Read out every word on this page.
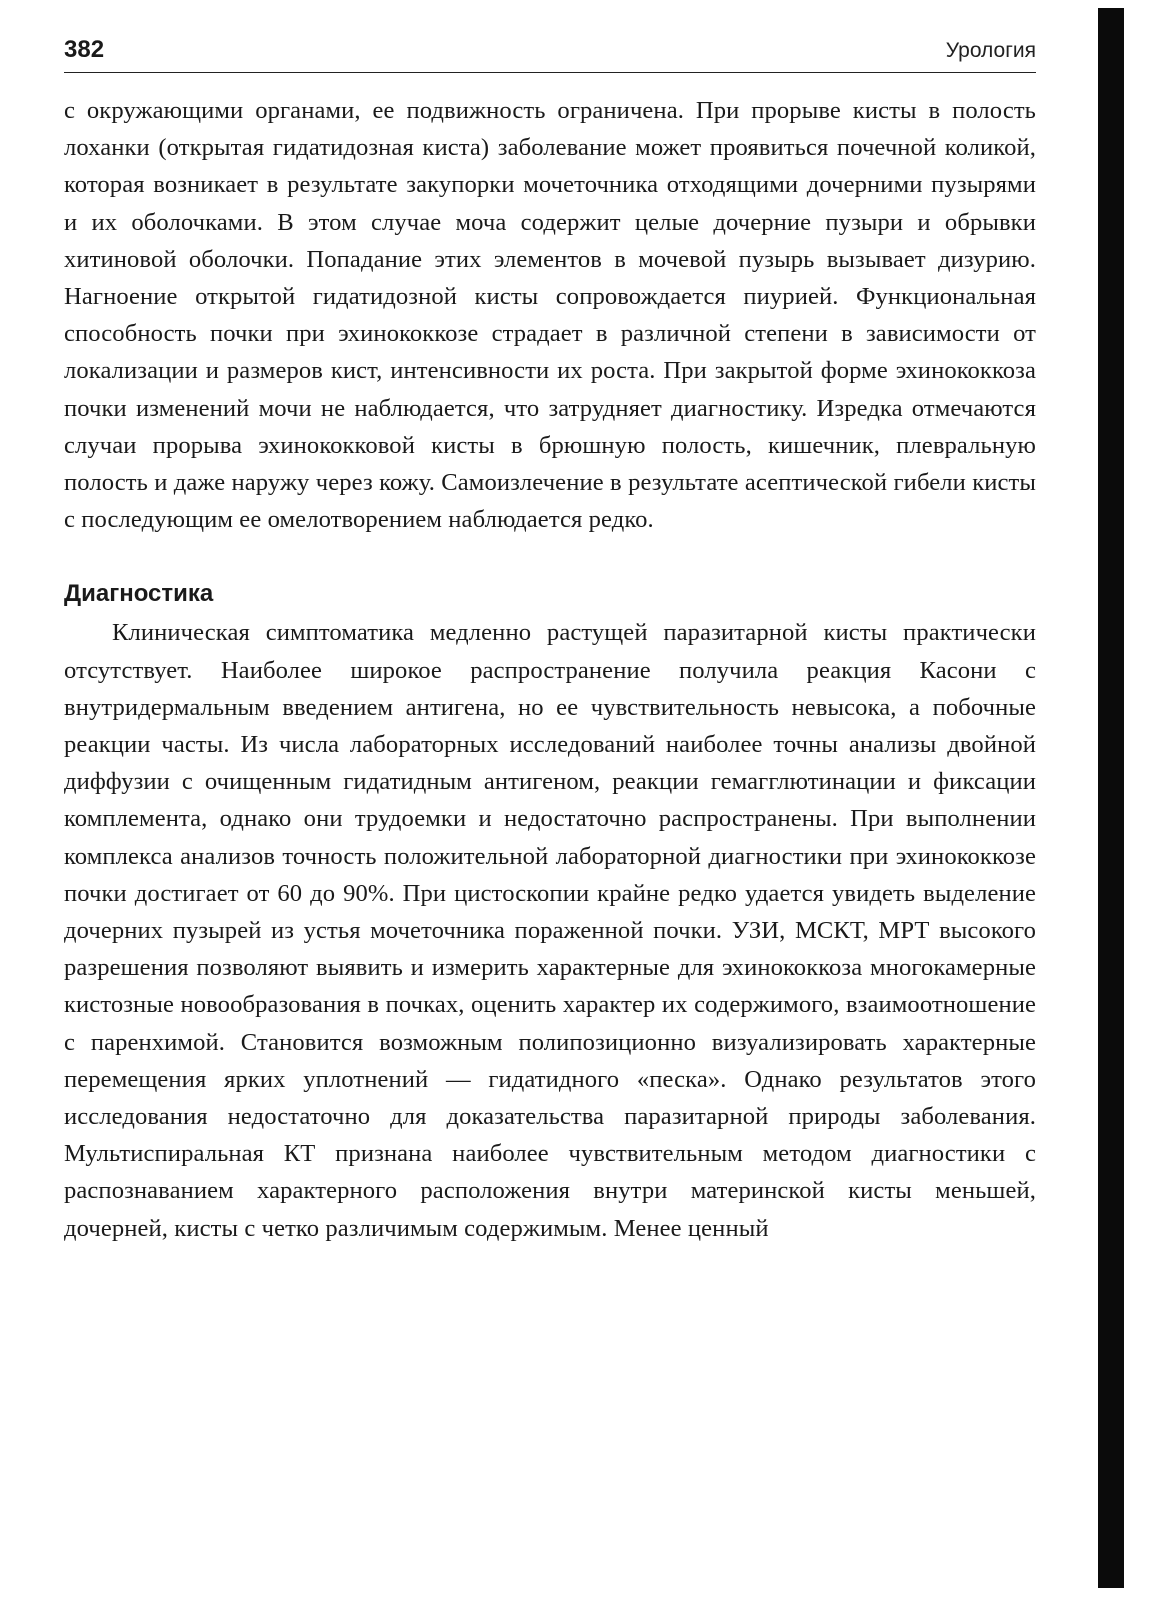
382	Урология

с окружающими органами, ее подвижность ограничена. При прорыве кисты в полость лоханки (открытая гидатидозная киста) заболевание может проявиться почечной коликой, которая возникает в результате закупорки мочеточника отходящими дочерними пузырями и их оболочками. В этом случае моча содержит целые дочерние пузыри и обрывки хитиновой оболочки. Попадание этих элементов в мочевой пузырь вызывает дизурию. Нагноение открытой гидатидозной кисты сопровождается пиурией. Функциональная способность почки при эхинококкозе страдает в различной степени в зависимости от локализации и размеров кист, интенсивности их роста. При закрытой форме эхинококкоза почки изменений мочи не наблюдается, что затрудняет диагностику. Изредка отмечаются случаи прорыва эхинококковой кисты в брюшную полость, кишечник, плевральную полость и даже наружу через кожу. Самоизлечение в результате асептической гибели кисты с последующим ее омелотворением наблюдается редко.

Диагностика

Клиническая симптоматика медленно растущей паразитарной кисты практически отсутствует. Наиболее широкое распространение получила реакция Касони с внутридермальным введением антигена, но ее чувствительность невысока, а побочные реакции часты. Из числа лабораторных исследований наиболее точны анализы двойной диффузии с очищенным гидатидным антигеном, реакции гемагглютинации и фиксации комплемента, однако они трудоемки и недостаточно распространены. При выполнении комплекса анализов точность положительной лабораторной диагностики при эхинококкозе почки достигает от 60 до 90%. При цистоскопии крайне редко удается увидеть выделение дочерних пузырей из устья мочеточника пораженной почки. УЗИ, МСКТ, МРТ высокого разрешения позволяют выявить и измерить характерные для эхинококкоза многокамерные кистозные новообразования в почках, оценить характер их содержимого, взаимоотношение с паренхимой. Становится возможным полипозиционно визуализировать характерные перемещения ярких уплотнений — гидатидного «песка». Однако результатов этого исследования недостаточно для доказательства паразитарной природы заболевания. Мультиспиральная КТ признана наиболее чувствительным методом диагностики с распознаванием характерного расположения внутри материнской кисты меньшей, дочерней, кисты с четко различимым содержимым. Менее ценный
